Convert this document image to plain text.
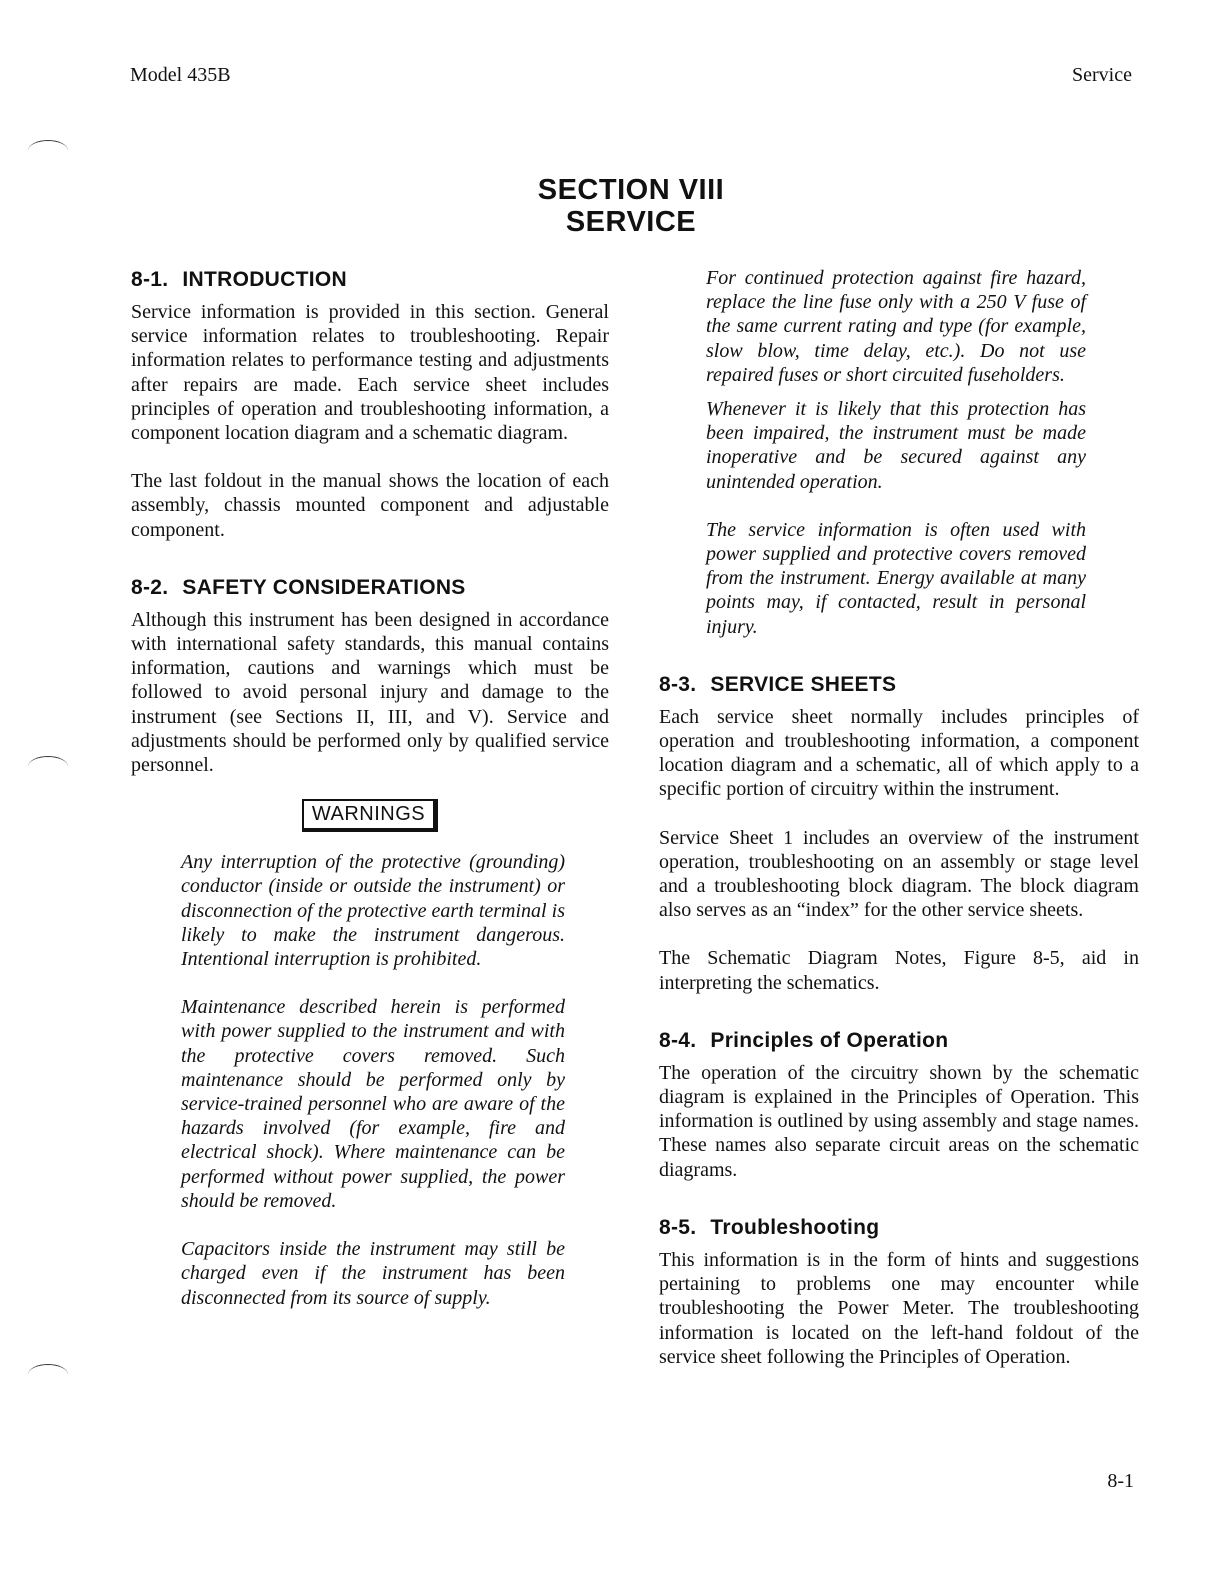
Model 435B	Service
SECTION VIII
SERVICE
8-1. INTRODUCTION

Service information is provided in this section. General service information relates to troubleshooting. Repair information relates to performance testing and adjustments after repairs are made. Each service sheet includes principles of operation and troubleshooting information, a component location diagram and a schematic diagram.

The last foldout in the manual shows the location of each assembly, chassis mounted component and adjustable component.

8-2. SAFETY CONSIDERATIONS

Although this instrument has been designed in accordance with international safety standards, this manual contains information, cautions and warnings which must be followed to avoid personal injury and damage to the instrument (see Sections II, III, and V). Service and adjustments should be performed only by qualified service personnel.

WARNINGS

Any interruption of the protective (grounding) conductor (inside or outside the instrument) or disconnection of the protective earth terminal is likely to make the instrument dangerous. Intentional interruption is prohibited.

Maintenance described herein is performed with power supplied to the instrument and with the protective covers removed. Such maintenance should be performed only by service-trained personnel who are aware of the hazards involved (for example, fire and electrical shock). Where maintenance can be performed without power supplied, the power should be removed.

Capacitors inside the instrument may still be charged even if the instrument has been disconnected from its source of supply.

For continued protection against fire hazard, replace the line fuse only with a 250 V fuse of the same current rating and type (for example, slow blow, time delay, etc.). Do not use repaired fuses or short circuited fuseholders.

Whenever it is likely that this protection has been impaired, the instrument must be made inoperative and be secured against any unintended operation.

The service information is often used with power supplied and protective covers removed from the instrument. Energy available at many points may, if contacted, result in personal injury.

8-3. SERVICE SHEETS

Each service sheet normally includes principles of operation and troubleshooting information, a component location diagram and a schematic, all of which apply to a specific portion of circuitry within the instrument.

Service Sheet 1 includes an overview of the instrument operation, troubleshooting on an assembly or stage level and a troubleshooting block diagram. The block diagram also serves as an “index” for the other service sheets.

The Schematic Diagram Notes, Figure 8-5, aid in interpreting the schematics.

8-4. Principles of Operation

The operation of the circuitry shown by the schematic diagram is explained in the Principles of Operation. This information is outlined by using assembly and stage names. These names also separate circuit areas on the schematic diagrams.

8-5. Troubleshooting

This information is in the form of hints and suggestions pertaining to problems one may encounter while troubleshooting the Power Meter. The troubleshooting information is located on the left-hand foldout of the service sheet following the Principles of Operation.

8-1
